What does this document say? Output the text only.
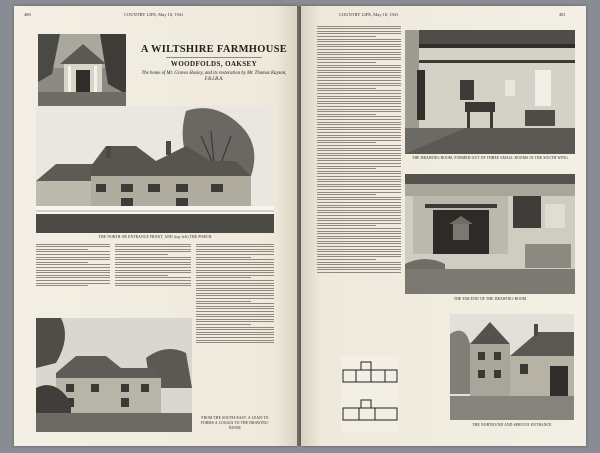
480	COUNTRY LIFE, May 10, 1941
A WILTSHIRE FARMHOUSE
WOODFOLDS, OAKSEY
The home of Mr. Graves Hasley, and its restoration by Mr. Thomas Rayson, F.R.I.B.A.
THE NORTH OR ENTRANCE FRONT, AND (top left) THE PORCH
FROM THE SOUTH-EAST. A LEAN-TO FORMS A LOGGIA TO THE DRAWING-ROOM
COUNTRY LIFE, May 10, 1941	481
THE DRAWING-ROOM, FORMED OUT OF THREE SMALL ROOMS IN THE SOUTH WING
THE FAR END OF THE DRAWING-ROOM
THE NORTH END AND SERVICE ENTRANCE
